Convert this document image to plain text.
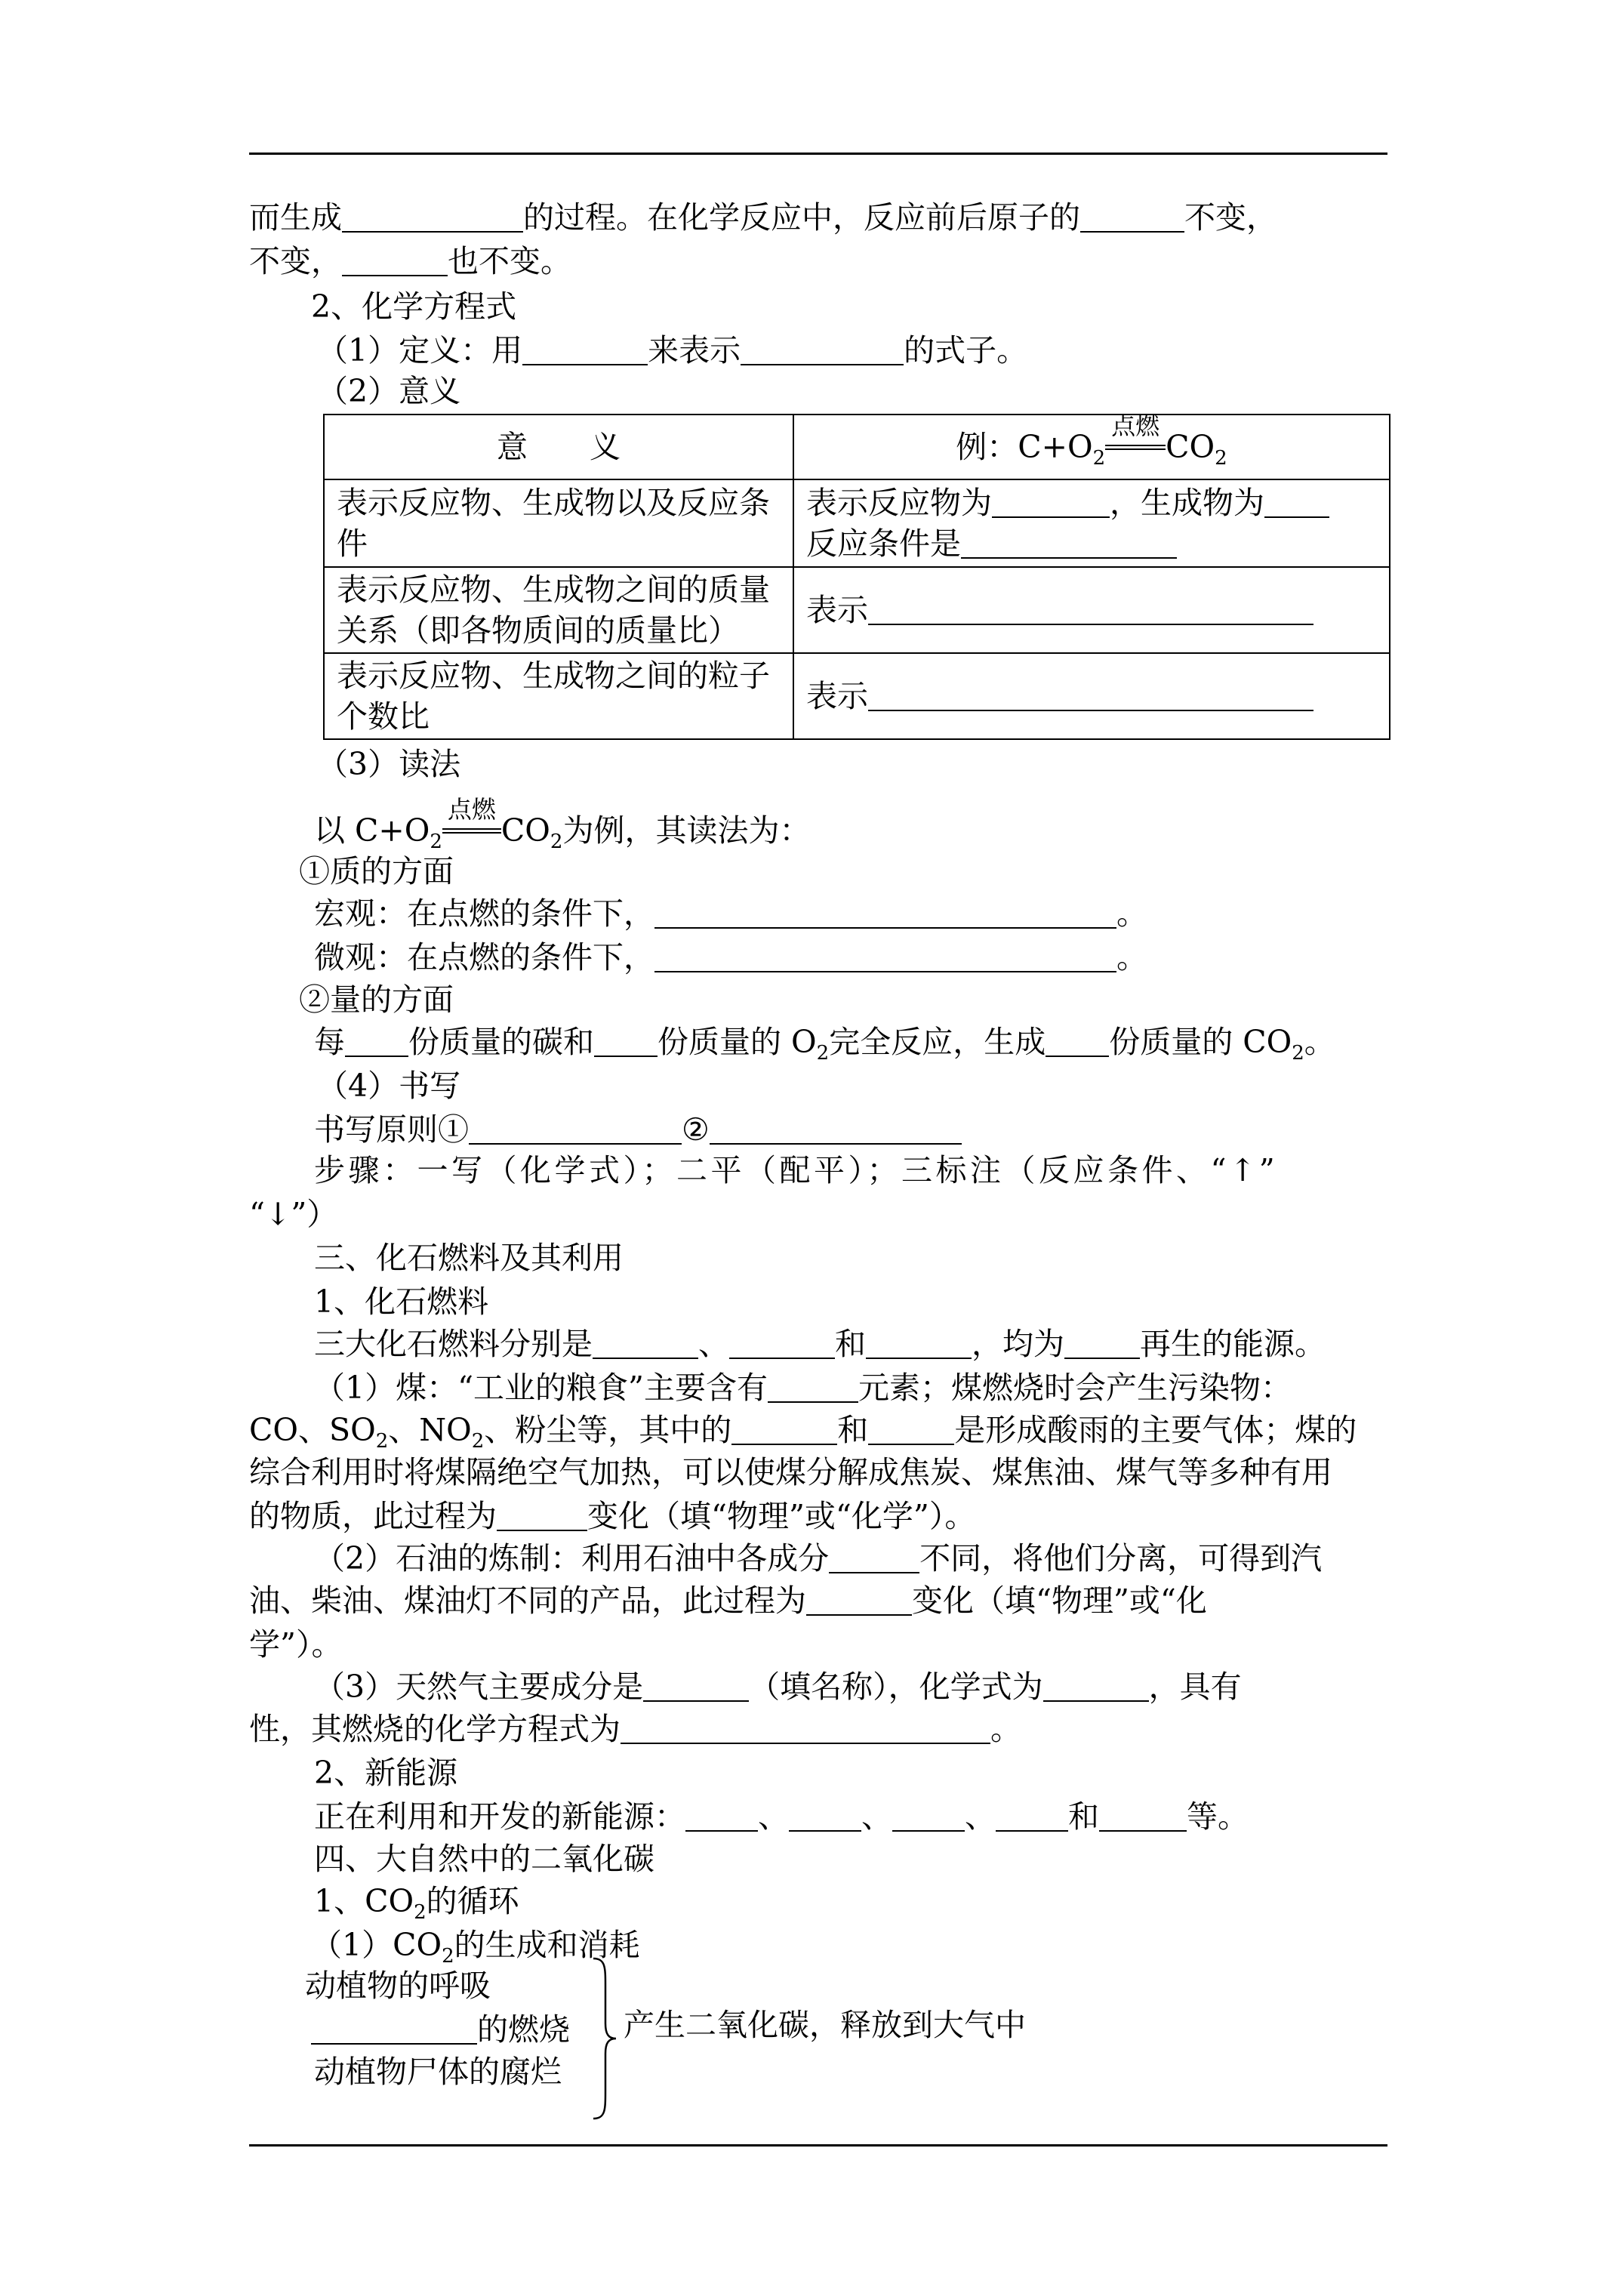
而生成	的过程。在化学反应中，反应前后原子的	不变，
不变，	也不变。
2、化学方程式
（1）定义：用	来表示	的式子。
（2）意义
意　　义	例：$C+O_2$
点燃
$CO_2$
表示反应物、生成物以及反应条件	表示反应物为 ，生成物为
反应条件是
表示反应物、生成物之间的质量关系（即各物质间的质量比）	表示
表示反应物、生成物之间的粒子个数比	表示
（3）读法
以 $C+O_2$
点燃
$CO_2$为例，其读法为：
①质的方面
宏观：在点燃的条件下，	。
微观：在点燃的条件下，	。
②量的方面
每 份质量的碳和 份质量的 $O_2$完全反应，生成 份质量的 $CO_2$。
（4）书写
书写原则①	②
步骤：一写（化学式）；二平（配平）；三标注（反应条件、“↑”
“↓”）
三、化石燃料及其利用
1、化石燃料
三大化石燃料分别是	、	和	，均为 再生的能源。
（1）煤：“工业的粮食”主要含有	元素；煤燃烧时会产生污染物：
CO、$SO_2$、$NO_2$、粉尘等，其中的	和	是形成酸雨的主要气体；煤的
综合利用时将煤隔绝空气加热，可以使煤分解成焦炭、煤焦油、煤气等多种有用
的物质，此过程为	变化（填“物理”或“化学”）。
（2）石油的炼制：利用石油中各成分	不同，将他们分离，可得到汽
油、柴油、煤油灯不同的产品，此过程为	变化（填“物理”或“化
学”）。
（3）天然气主要成分是	（填名称），化学式为	，具有
性，其燃烧的化学方程式为	。
2、新能源
正在利用和开发的新能源： 、 、 、 和	等。
四、大自然中的二氧化碳
1、$CO_2$的循环
$(1)CO_2$的生成和消耗
动植物的呼吸
的燃烧
动植物尸体的腐烂
产生二氧化碳，释放到大气中
